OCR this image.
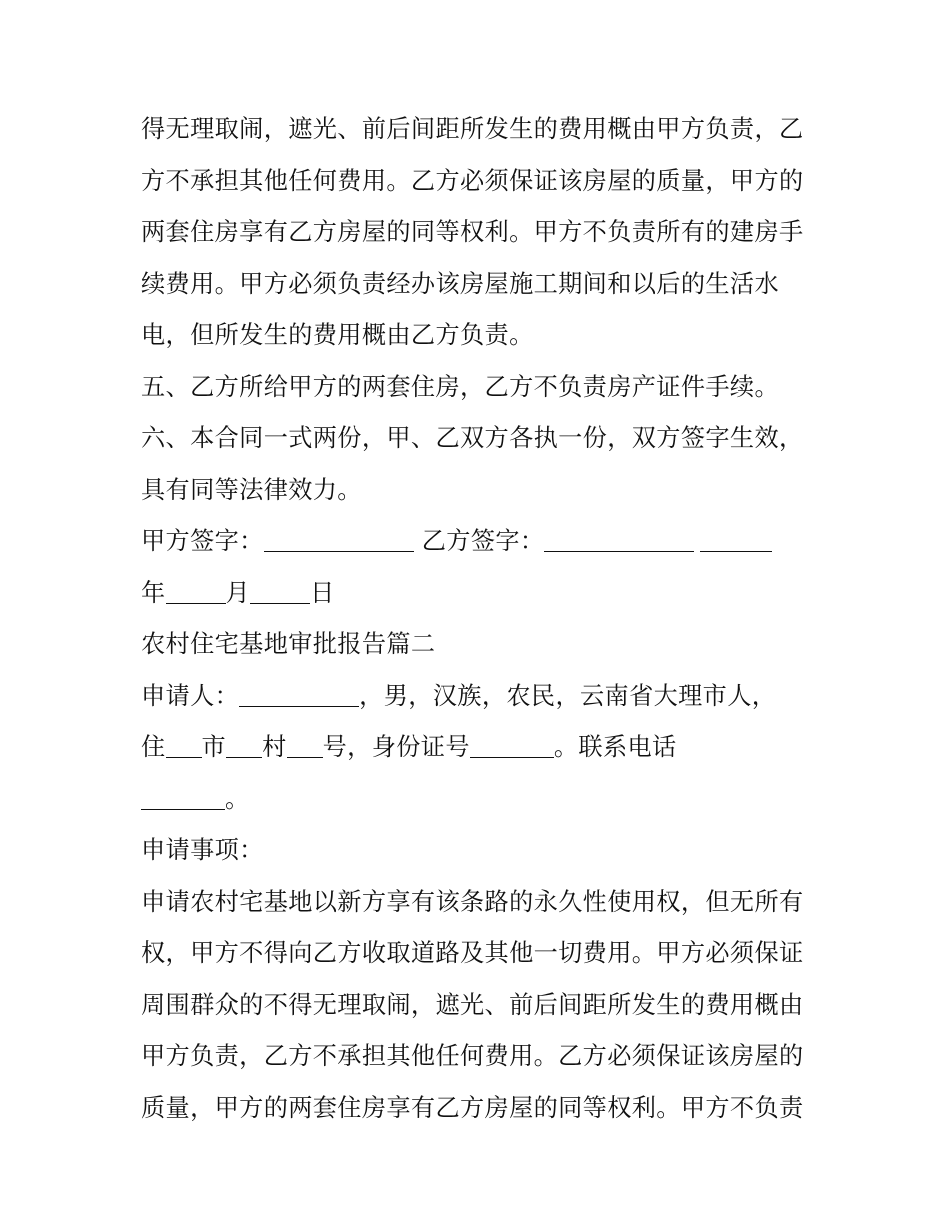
得无理取闹，遮光、前后间距所发生的费用概由甲方负责，乙
方不承担其他任何费用。乙方必须保证该房屋的质量，甲方的
两套住房享有乙方房屋的同等权利。甲方不负责所有的建房手
续费用。甲方必须负责经办该房屋施工期间和以后的生活水
电，但所发生的费用概由乙方负责。
五、乙方所给甲方的两套住房，乙方不负责房产证件手续。
六、本合同一式两份，甲、乙双方各执一份，双方签字生效，
具有同等法律效力。
甲方签字：	乙方签字：
年 月 日
农村住宅基地审批报告篇二
申请人：	，男，汉族，农民，云南省大理市人，
住 市 村 号，身份证号	。联系电话
。
申请事项：
申请农村宅基地以新方享有该条路的永久性使用权，但无所有
权，甲方不得向乙方收取道路及其他一切费用。甲方必须保证
周围群众的不得无理取闹，遮光、前后间距所发生的费用概由
甲方负责，乙方不承担其他任何费用。乙方必须保证该房屋的
质量，甲方的两套住房享有乙方房屋的同等权利。甲方不负责
